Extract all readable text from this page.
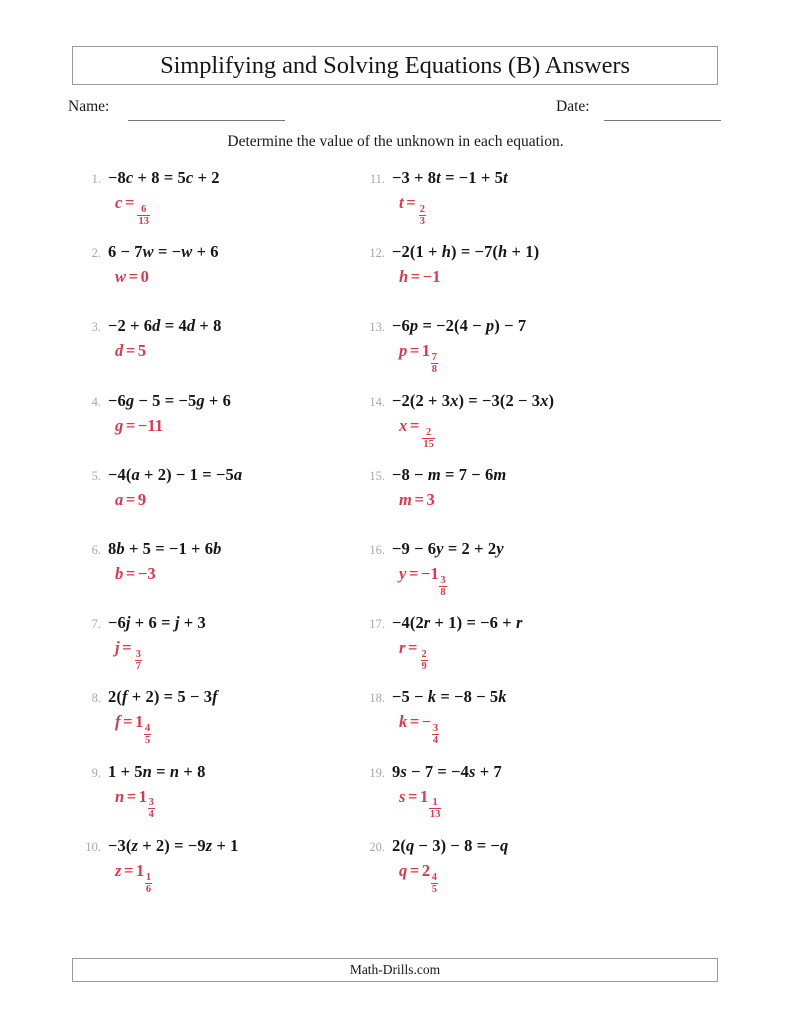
Simplifying and Solving Equations (B) Answers
Name:	Date:
Determine the value of the unknown in each equation.
1. −8c + 8 = 5c + 2
c =
$\frac{6}{13}$
2. 6 − 7w = −w + 6
w = 0
3. −2 + 6d = 4d + 8
d = 5
4. −6g − 5 = −5g + 6
g = −11
5. −4(a + 2) − 1 = −5a
a = 9
6. 8b + 5 = −1 + 6b
b = −3
7. −6j + 6 = j + 3
j =
$\frac{3}{7}$
8. 2(f + 2) = 5 − 3f
f = 1
$\frac{4}{5}$
9. 1 + 5n = n + 8
n = 1
$\frac{3}{4}$
10. −3(z + 2) = −9z + 1
z = 1
$\frac{1}{6}$
11. −3 + 8t = −1 + 5t
t =
$\frac{2}{3}$
12. −2(1 + h) = −7(h + 1)
h = −1
13. −6p = −2(4 − p) − 7
p = 1
$\frac{7}{8}$
14. −2(2 + 3x) = −3(2 − 3x)
x =
$\frac{2}{15}$
15. −8 − m = 7 − 6m
m = 3
16. −9 − 6y = 2 + 2y
y = −1
$\frac{3}{8}$
17. −4(2r + 1) = −6 + r
r =
$\frac{2}{9}$
18. −5 − k = −8 − 5k
k = −
$\frac{3}{4}$
19. 9s − 7 = −4s + 7
s = 1
$\frac{1}{13}$
20. 2(q − 3) − 8 = −q
q = 2
$\frac{4}{5}$
Math-Drills.com
